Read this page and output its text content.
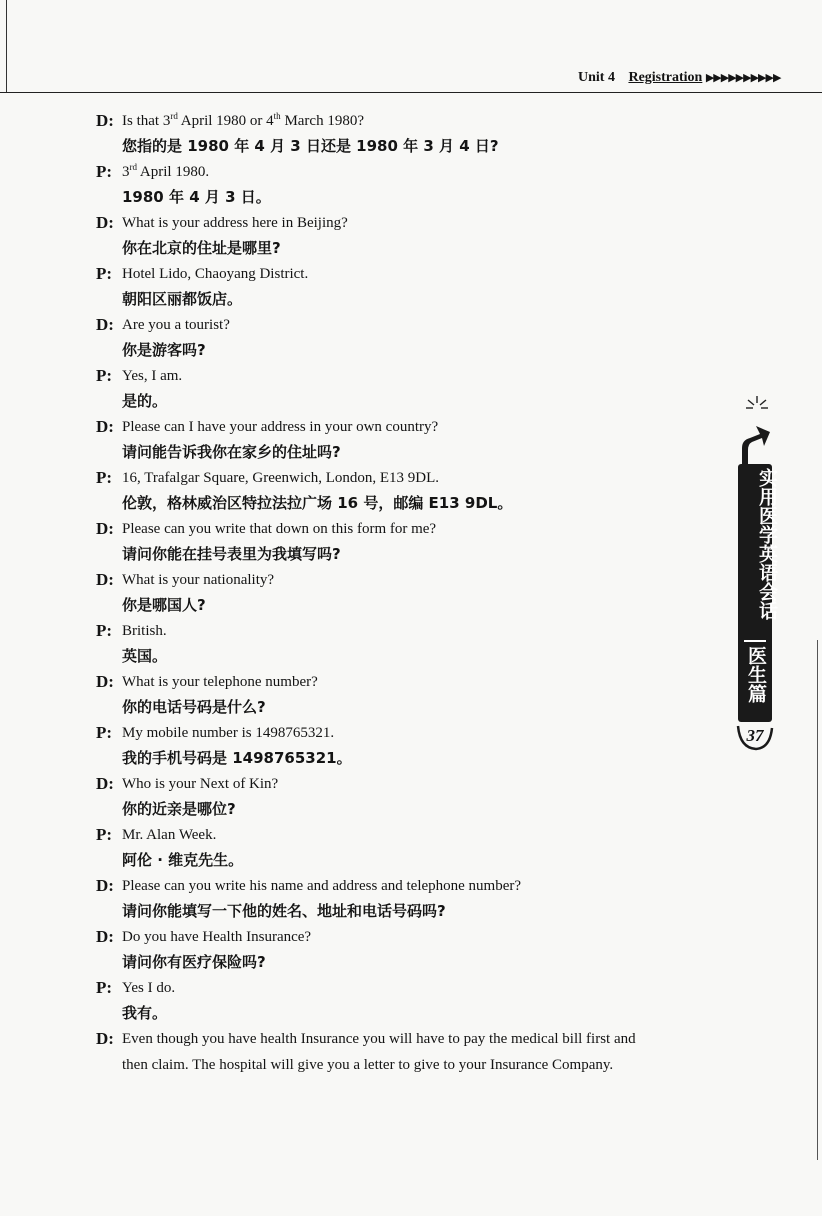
Unit 4 Registration ▶▶▶▶▶▶▶▶▶▶
D: Is that 3rd April 1980 or 4th March 1980?
您指的是 1980 年 4 月 3 日还是 1980 年 3 月 4 日?
P: 3rd April 1980.
1980 年 4 月 3 日。
D: What is your address here in Beijing?
你在北京的住址是哪里?
P: Hotel Lido, Chaoyang District.
朝阳区丽都饭店。
D: Are you a tourist?
你是游客吗?
P: Yes, I am.
是的。
D: Please can I have your address in your own country?
请问能告诉我你在家乡的住址吗?
P: 16, Trafalgar Square, Greenwich, London, E13 9DL.
伦敦，格林威治区特拉法拉广场 16 号，邮编 E13 9DL。
D: Please can you write that down on this form for me?
请问你能在挂号表里为我填写吗?
D: What is your nationality?
你是哪国人?
P: British.
英国。
D: What is your telephone number?
你的电话号码是什么?
P: My mobile number is 1498765321.
我的手机号码是 1498765321。
D: Who is your Next of Kin?
你的近亲是哪位?
P: Mr. Alan Week.
阿伦 · 维克先生。
D: Please can you write his name and address and telephone number?
请问你能填写一下他的姓名、地址和电话号码吗?
D: Do you have Health Insurance?
请问你有医疗保险吗?
P: Yes I do.
我有。
D: Even though you have health Insurance you will have to pay the medical bill first and
then claim. The hospital will give you a letter to give to your Insurance Company.
实用医学英语会话
医生篇
37
